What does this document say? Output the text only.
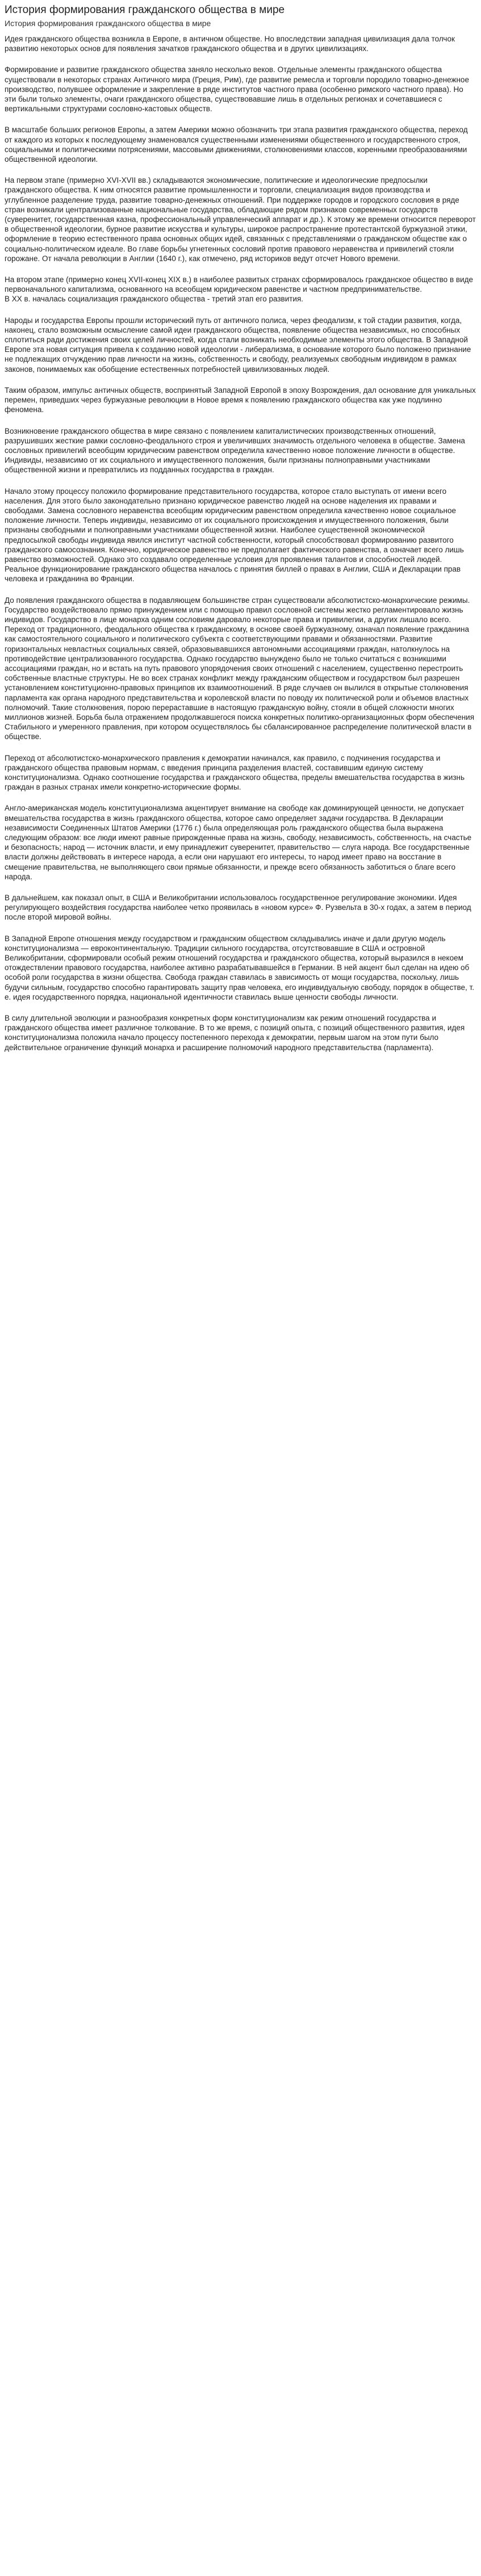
История формирования гражданского общества в мире
История формирования гражданского общества в мире

Идея гражданского общества возникла в Европе, в античном обществе. Но впоследствии западная цивилизация дала толчок развитию некоторых основ для появления зачатков гражданского общества и в других цивилизациях.

Формирование и развитие гражданского общества заняло несколько веков. Отдельные элементы гражданского общества существовали в некоторых странах Античного мира (Греция, Рим), где развитие ремесла и торговли породило товарно-денежное производство, полувшее оформление и закрепление в ряде институтов частного права (особенно римского частного права). Но эти были только элементы, очаги гражданского общества, существовавшие лишь в отдельных регионах и сочетавшиеся с вертикальными структурами сословно-кастовых обществ.

В масштабе больших регионов Европы, а затем Америки можно обозначить три этапа развития гражданского общества, переход от каждого из которых к последующему знаменовался существенными изменениями общественного и государственного строя, социальными и политическими потрясениями, массовыми движениями, столкновениями классов, коренными преобразованиями общественной идеологии.

На первом этапе (примерно XVI-XVII вв.) складываются экономические, политические и идеологические предпосылки гражданского общества. К ним относятся развитие промышленности и торговли, специализация видов производства и углубленное разделение труда, развитие товарно-денежных отношений. При поддержке городов и городского сословия в ряде стран возникали централизованные национальные государства, обладающие рядом признаков современных государств (суверенитет, государственная казна, профессиональный управленческий аппарат и др.). К этому же времени относится переворот в общественной идеологии, бурное развитие искусства и культуры, широкое распространение протестантской буржуазной этики, оформление в теорию естественного права основных общих идей, связанных с представлениями о гражданском обществе как о социально-политическом идеале. Во главе борьбы угнетенных сословий против правового неравенства и привилегий стояли горожане. От начала революции в Англии (1640 г.), как отмечено, ряд историков ведут отсчет Нового времени.

На втором этапе (примерно конец XVII-конец XIX в.) в наиболее развитых странах сформировалось гражданское общество в виде первоначального капитализма, основанного на всеобщем юридическом равенстве и частном предпринимательстве.
В XX в. началась социализация гражданского общества - третий этап его развития.

Народы и государства Европы прошли исторический путь от античного полиса, через феодализм, к той стадии развития, когда, наконец, стало возможным осмысление самой идеи гражданского общества, появление общества независимых, но способных сплотиться ради достижения своих целей личностей, когда стали возникать необходимые элементы этого общества. В Западной Европе эта новая ситуация привела к созданию новой идеологии - либерализма, в основание которого было положено признание не подлежащих отчуждению прав личности на жизнь, собственность и свободу, реализуемых свободным индивидом в рамках законов, понимаемых как обобщение естественных потребностей цивилизованных людей.

Таким образом, импульс античных обществ, воспринятый Западной Европой в эпоху Возрождения, дал основание для уникальных перемен, приведших через буржуазные революции в Новое время к появлению гражданского общества как уже подлинно феномена.

Возникновение гражданского общества в мире связано с появлением капиталистических производственных отношений, разрушивших жесткие рамки сословно-феодального строя и увеличивших значимость отдельного человека в обществе. Замена сословных привилегий всеобщим юридическим равенством определила качественно новое положение личности в обществе. Индивиды, независимо от их социального и имущественного положения, были признаны полноправными участниками общественной жизни и превратились из подданных государства в граждан.

Начало этому процессу положило формирование представительного государства, которое стало выступать от имени всего населения. Для этого было законодательно признано юридическое равенство людей на основе наделения их правами и свободами. Замена сословного неравенства всеобщим юридическим равенством определила качественно новое социальное положение личности. Теперь индивиды, независимо от их социального происхождения и имущественного положения, были признаны свободными и полноправными участниками общественной жизни. Наиболее существенной экономической предпосылкой свободы индивида явился институт частной собственности, который способствовал формированию развитого гражданского самосознания. Конечно, юридическое равенство не предполагает фактического равенства, а означает всего лишь равенство возможностей. Однако это создавало определенные условия для проявления талантов и способностей людей. Реальное функционирование гражданского общества началось с принятия биллей о правах в Англии, США и Декларации прав человека и гражданина во Франции.

До появления гражданского общества в подавляющем большинстве стран существовали абсолютистско-монархические режимы. Государство воздействовало прямо принуждением или с помощью правил сословной системы жестко регламентировало жизнь индивидов. Государство в лице монарха одним сословиям даровало некоторые права и привилегии, а других лишало всего. Переход от традиционного, феодального общества к гражданскому, в основе своей буржуазному, означал появление гражданина как самостоятельного социального и политического субъекта с соответствующими правами и обязанностями. Развитие горизонтальных невластных социальных связей, образовывавшихся автономными ассоциациями граждан, натолкнулось на противодействие централизованного государства. Однако государство вынуждено было не только считаться с возникшими ассоциациями граждан, но и встать на путь правового упорядочения своих отношений с населением, существенно перестроить собственные властные структуры. Не во всех странах конфликт между гражданским обществом и государством был разрешен установлением конституционно-правовых принципов их взаимоотношений. В ряде случаев он вылился в открытые столкновения парламента как органа народного представительства и королевской власти по поводу их политической роли и объемов властных полномочий. Такие столкновения, порою перераставшие в настоящую гражданскую войну, стояли в общей сложности многих миллионов жизней. Борьба была отражением продолжавшегося поиска конкретных политико-организационных форм обеспечения Стабильного и умеренного правления, при котором осуществлялось бы сбалансированное распределение политической власти в обществе.

Переход от абсолютистско-монархического правления к демократии начинался, как правило, с подчинения государства и гражданского общества правовым нормам, с введения принципа разделения властей, составившим единую систему конституционализма. Однако соотношение государства и гражданского общества, пределы вмешательства государства в жизнь граждан в разных странах имели конкретно-исторические формы.

Англо-американская модель конституционализма акцентирует внимание на свободе как доминирующей ценности, не допускает вмешательства государства в жизнь гражданского общества, которое само определяет задачи государства. В Декларации независимости Соединенных Штатов Америки (1776 г.) была определяющая роль гражданского общества была выражена следующим образом: все люди имеют равные прирожденные права на жизнь, свободу, независимость, собственность, на счастье и безопасность; народ — источник власти, и ему принадлежит суверенитет, правительство — слуга народа. Все государственные власти должны действовать в интересе народа, а если они нарушают его интересы, то народ имеет право на восстание в смещение правительства, не выполняющего свои прямые обязанности, и прежде всего обязанность заботиться о благе всего народа.

В дальнейшем, как показал опыт, в США и Великобритании использовалось государственное регулирование экономики. Идея регулирующего воздействия государства наиболее четко проявилась в «новом курсе» Ф. Рузвельта в 30-х годах, а затем в период после второй мировой войны.

В Западной Европе отношения между государством и гражданским обществом складывались иначе и дали другую модель конституционализма — евроконтинентальную. Традиции сильного государства, отсутствовавшие в США и островной Великобритании, сформировали особый режим отношений государства и гражданского общества, который выразился в некоем отождествлении правового государства, наиболее активно разрабатывавшейся в Германии. В ней акцент был сделан на идею об особой роли государства в жизни общества. Свобода граждан ставилась в зависимость от мощи государства, поскольку, лишь будучи сильным, государство способно гарантировать защиту прав человека, его индивидуальную свободу, порядок в обществе, т. е. идея государственного порядка, национальной идентичности ставилась выше ценности свободы личности.

В силу длительной эволюции и разнообразия конкретных форм конституционализм как режим отношений государства и гражданского общества имеет различное толкование. В то же время, с позиций опыта, с позиций общественного развития, идея конституционализма положила начало процессу постепенного перехода к демократии, первым шагом на этом пути было действительное ограничение функций монарха и расширение полномочий народного представительства (парламента).
